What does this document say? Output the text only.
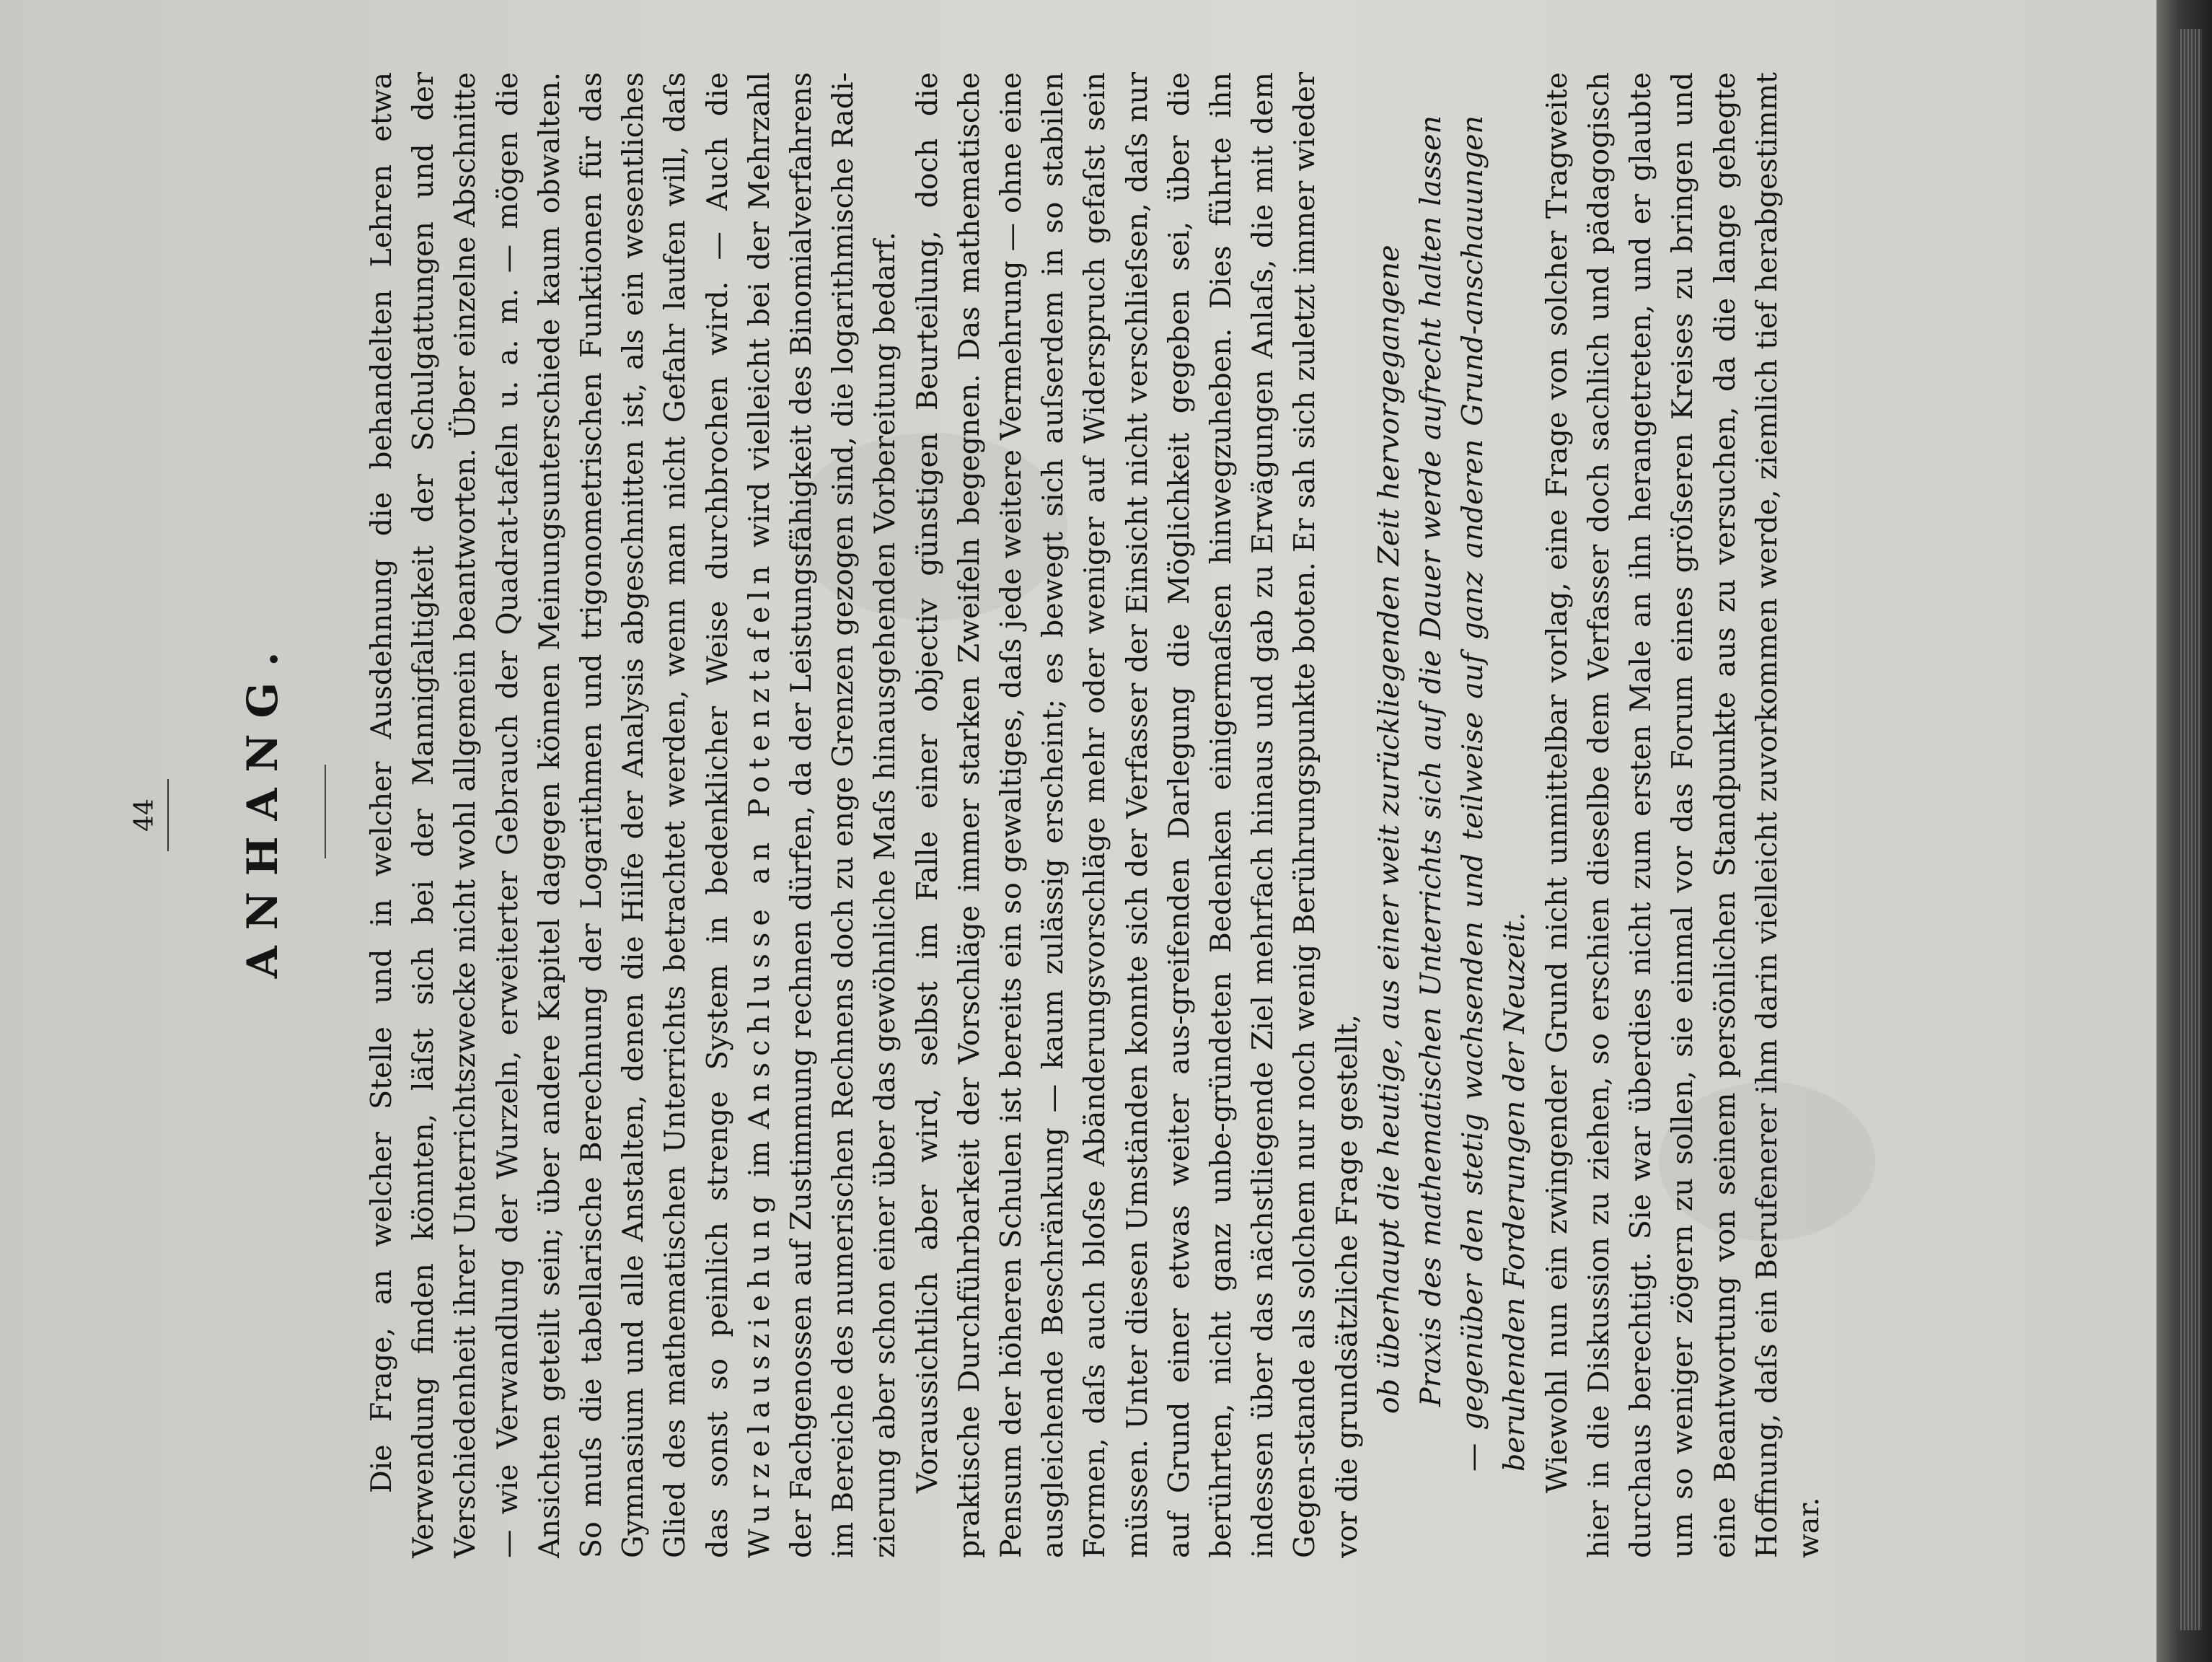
44 ANHANG.	Die Frage, an welcher Stelle und in welcher Ausdehnung die behandelten Lehren etwa Verwendung finden könnten, läſst sich bei der Mannigfaltigkeit der Schulgattungen und der Verschiedenheit ihrer Unterrichtszwecke nicht wohl allgemein beantworten. Über einzelne Abschnitte — wie Verwandlung der Wurzeln, erweiterter Gebrauch der Quadrat-tafeln u. a. m. — mögen die Ansichten geteilt sein; über andere Kapitel dagegen können Meinungsunterschiede kaum obwalten. So muſs die tabellarische Berechnung der Logarithmen und trigonometrischen Funktionen für das Gymnasium und alle Anstalten, denen die Hilfe der Analysis abgeschnitten ist, als ein wesentliches Glied des mathematischen Unterrichts betrachtet werden, wenn man nicht Gefahr laufen will, daſs das sonst so peinlich strenge System in bedenklicher Weise durchbrochen wird. — Auch die Wurzelausziehung im Anschlusse an Potenztafeln wird vielleicht bei der Mehrzahl der Fachgenossen auf Zustimmung rechnen dürfen, da der Leistungsfähigkeit des Binomialverfahrens im Bereiche des numerischen Rechnens doch zu enge Grenzen gezogen sind, die logarithmische Radi-zierung aber schon einer über das gewöhnliche Maſs hinausgehenden Vorbereitung bedarf. Voraussichtlich aber wird, selbst im Falle einer objectiv günstigen Beurteilung, doch die praktische Durchführbarkeit der Vorschläge immer starken Zweifeln begegnen. Das mathematische Pensum der höheren Schulen ist bereits ein so gewaltiges, daſs jede weitere Vermehrung — ohne eine ausgleichende Beschränkung — kaum zulässig erscheint; es bewegt sich auſserdem in so stabilen Formen, daſs auch bloſse Abänderungsvorschläge mehr oder weniger auf Widerspruch gefaſst sein müssen. Unter diesen Umständen konnte sich der Verfasser der Einsicht nicht verschlieſsen, daſs nur auf Grund einer etwas weiter aus-greifenden Darlegung die Möglichkeit gegeben sei, über die berührten, nicht ganz unbe-gründeten Bedenken einigermaſsen hinwegzuheben. Dies führte ihn indessen über das nächstliegende Ziel mehrfach hinaus und gab zu Erwägungen Anlaſs, die mit dem Gegen-stande als solchem nur noch wenig Berührungspunkte boten. Er sah sich zuletzt immer wieder vor die grundsätzliche Frage gestellt, ob überhaupt die heutige, aus einer weit zurückliegenden Zeit hervorgegangene Praxis des mathematischen Unterrichts sich auf die Dauer werde aufrecht halten lassen — gegenüber den stetig wachsenden und teilweise auf ganz anderen Grund-anschauungen beruhenden Forderungen der Neuzeit. Wiewohl nun ein zwingender Grund nicht unmittelbar vorlag, eine Frage von solcher Tragweite hier in die Diskussion zu ziehen, so erschien dieselbe dem Verfasser doch sachlich und pädagogisch durchaus berechtigt. Sie war überdies nicht zum ersten Male an ihn herangetreten, und er glaubte um so weniger zögern zu sollen, sie einmal vor das Forum eines gröſseren Kreises zu bringen und eine Beantwortung von seinem persönlichen Standpunkte aus zu versuchen, da die lange gehegte Hoffnung, daſs ein Berufenerer ihm darin vielleicht zuvorkommen werde, ziemlich tief herabgestimmt war.
